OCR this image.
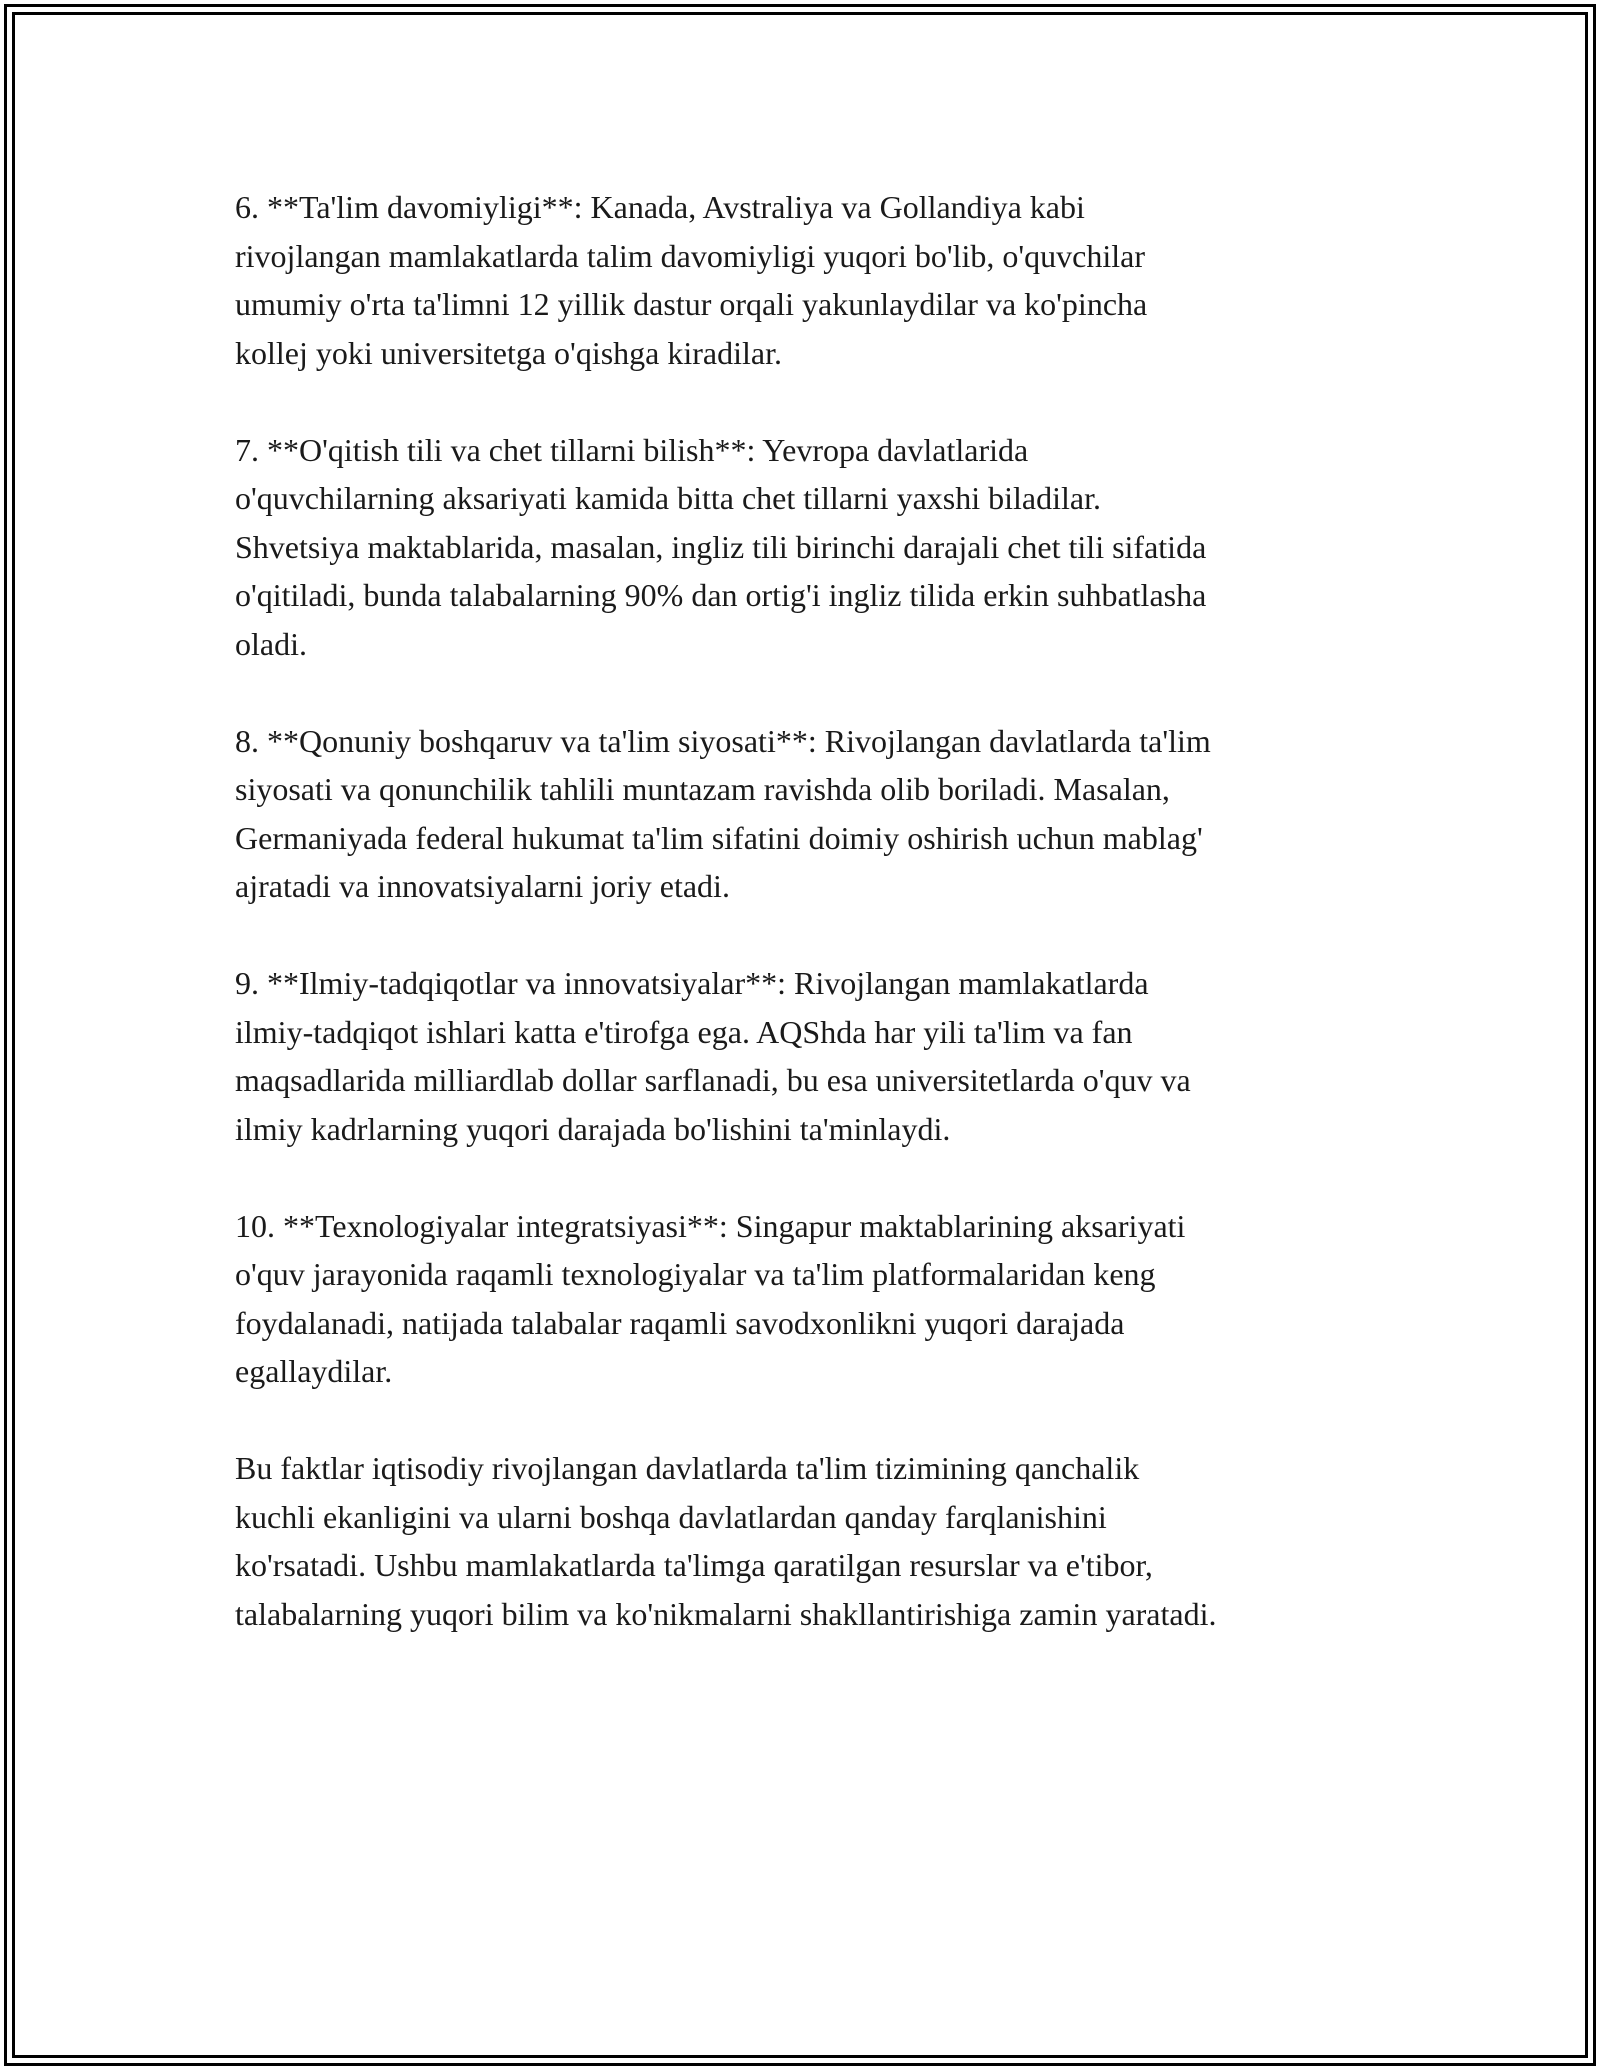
6. **Ta'lim davomiyligi**: Kanada, Avstraliya va Gollandiya kabi
rivojlangan mamlakatlarda talim davomiyligi yuqori bo'lib, o'quvchilar
umumiy o'rta ta'limni 12 yillik dastur orqali yakunlaydilar va ko'pincha
kollej yoki universitetga o'qishga kiradilar.

7. **O'qitish tili va chet tillarni bilish**: Yevropa davlatlarida
o'quvchilarning aksariyati kamida bitta chet tillarni yaxshi biladilar.
Shvetsiya maktablarida, masalan, ingliz tili birinchi darajali chet tili sifatida
o'qitiladi, bunda talabalarning 90% dan ortig'i ingliz tilida erkin suhbatlasha
oladi.

8. **Qonuniy boshqaruv va ta'lim siyosati**: Rivojlangan davlatlarda ta'lim
siyosati va qonunchilik tahlili muntazam ravishda olib boriladi. Masalan,
Germaniyada federal hukumat ta'lim sifatini doimiy oshirish uchun mablag'
ajratadi va innovatsiyalarni joriy etadi.

9. **Ilmiy-tadqiqotlar va innovatsiyalar**: Rivojlangan mamlakatlarda
ilmiy-tadqiqot ishlari katta e'tirofga ega. AQShda har yili ta'lim va fan
maqsadlarida milliardlab dollar sarflanadi, bu esa universitetlarda o'quv va
ilmiy kadrlarning yuqori darajada bo'lishini ta'minlaydi.

10. **Texnologiyalar integratsiyasi**: Singapur maktablarining aksariyati
o'quv jarayonida raqamli texnologiyalar va ta'lim platformalaridan keng
foydalanadi, natijada talabalar raqamli savodxonlikni yuqori darajada
egallaydilar.

Bu faktlar iqtisodiy rivojlangan davlatlarda ta'lim tizimining qanchalik
kuchli ekanligini va ularni boshqa davlatlardan qanday farqlanishini
ko'rsatadi. Ushbu mamlakatlarda ta'limga qaratilgan resurslar va e'tibor,
talabalarning yuqori bilim va ko'nikmalarni shakllantirishiga zamin yaratadi.
